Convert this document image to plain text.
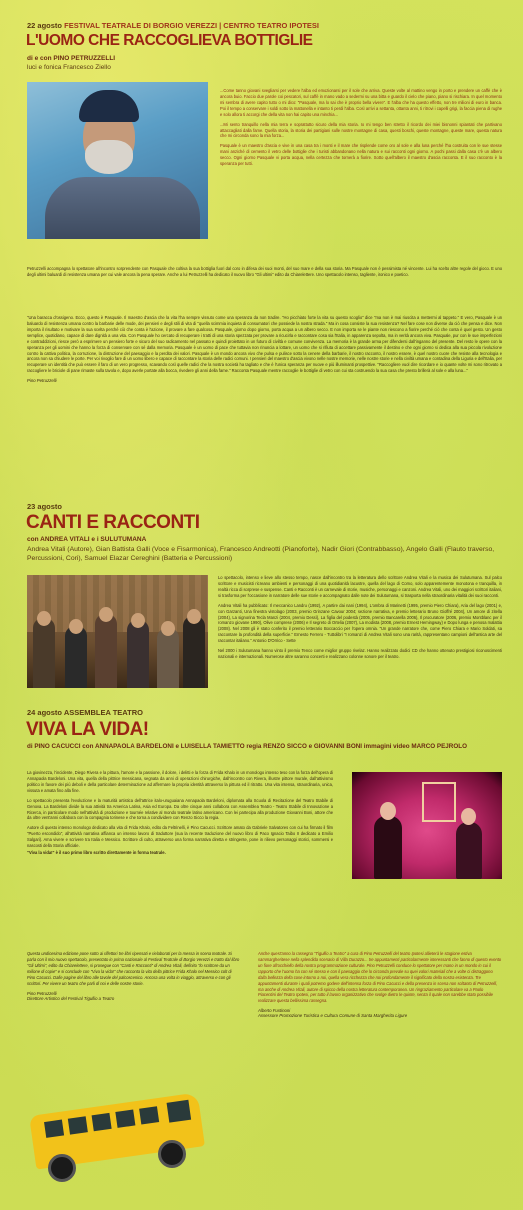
22 agosto FESTIVAL TEATRALE DI BORGIO VEREZZI | CENTRO TEATRO IPOTESI
L'UOMO CHE RACCOGLIEVA BOTTIGLIE
di e con PINO PETRUZZELLI
luci e fonica Francesco Ziello

...Come tanno giovani svegliarsi per vedere l'alba ed emozionarsi per il sole che arriva. Queste volte al mattino vengo in porto e prendere un caffè che è ancora buio. Faccio due parole coi pescatori, sul caffè in mano vado a sedermi su una bitta e guardo il cielo che piano, piano si rischiara. In quel momento mi sembra di avere capito tutto o mi dico: "Pasquale, ma lo sai che è proprio bella vivere". E l'alba che ha questo effetto, non tre milioni di euro in banca. Poi il tempo a conservare i soldi sotto la mattonella e intanto ti perdi l'alba. Così arrivi a settanta, ottanta anni, ti ritrovi i capelli grigi, la faccia piena di rughe e solo allora ti accorgi che della vita non hai capito una minchia...

...Mi sento tranquillo nella mia terra e soprattutto sicuro della mia storia. Io mi tengo ben stretto il ricordo dei miei bisnonni spiantati che partivano attaccagliati dalla fame. Quella storia, la storia dei partigiani sulle nostre montagne di casa, questi boschi, queste montagne, queste mare, questa natura che mi circonda sono la mia forza...

Pasquale è un maestro d'ascia e vive in una casa tra i monti e il mare che risplende come oro al sole e alla luna perché l'ha costruita con le sue stesse mani anziché di cemento il vetro delle bottiglie che i turisti abbandonano nella natura e sui racconti ogni giorno. A pochi passi dalla casa c'è un albero secco. Ogni giorno Pasquale vi porta acqua, nella certezza che tornerà a fiorire. Sotto quell'albero il maestro d'ascia racconta. E il suo racconto è la speranza per tutti.

Petruzzelli accompagna lo spettatore all'incontro sorprendente con Pasquale che coltiva la sua bottiglia fuori dal coro in difesa dei suoi monti, del suo mare e della sua storia. Ma Pasquale non è pessimista né vincente. Lui ha scelto altre regole del gioco. E uno degli ultimi baluardi di resistenza umana per cui vale ancora la pena sperare. Anche a lui Petruzzelli ha dedicato il nuovo libro "Gli ultimi" edito da Chiarelettere. Uno spettacolo intenso, tagliente, ironico e poetico.

"Una baracca d'ossigeno. Ecco, questo è Pasquale. Il maestro d'ascia che la vita l'ha sempre vissuto come una speranza da non tradire. "Ho picchiato forte la vita su questo scoglio" dice "ma non è mai riuscita a mettermi al tappeto." E vero, Pasquale è un baluardo di resistenza umana contro la barbarie delle mode, dei pensieri e degli stili di vita di "quella scimmia inquieta di consumatori che possiede la nostra strada." Ma in cosa consiste la sua resistenza? Nel fare cose non diverse da ciò che pensa e dice. Non importa il risultato e motivare la sua scelta perché ciò che conta è l'azione, il provare a fare qualcosa. Pasquale, giorno dopo giorno, porta acqua a un albero secco. E non importa se le piante non riescono a fiorire perché ciò che conta è quel gesto. Un gesto semplice, quotidiano, capace di dare dignità a una vita. Con Pasquale ho cercato di recuperare i tratti di una storia spezzata per provare a ricucirla e raccontare cosa sia l'Italia, in apparenza sepolta, ma in verità ancora viva. Pasquale, pur con le sue imperfezioni e contraddizioni, riesce però a esprimere un pensiero forte e sicuro del suo radicamento nel passato e quindi proiettato in un futuro di civiltà e comune convivenza. La memoria è la grande arma per difendersi dall'inganno del presente. Del resto le opere con la speranza per gli uomini che hanno la forza di conservare con sé dalla memoria. Pasquale è un uomo di pace che tuttavia non rinuncia a lottare, un uomo che si rifiuta di accettare passivamente il destino e che ogni giorno si dedica alla sua piccola rivoluzione contro la cattiva politica, la corruzione, la distruzione del paesaggio e la perdita dei valori. Pasquale è un mondo ancora vivo che pulsa e pulisce sotto la cenere della barbarie, il nostro racconto, il nostro essere, è quel nostro cuore che resiste alla tecnologia e ancora non sa chiudere le porte. Per voi rivoglio fare di un uomo libero e capace di raccontare la storia delle radici comuni. I pensieri del maestro d'ascia vivono nelle nostre memorie, nelle nostre storie e nella civiltà umana e contadina della Liguria e dell'Italia, per recuperare un identità che può essere il faro di un vero progresso, scavando così quelle radici che la nostra società ha tagliato e che è l'unica speranza per nuove e più illuminanti prospettive. "Raccogliere vuol dire ricordare e io quante volte mi sono ritrovato a raccogliere le briciole di pane rimaste sulla tavola e, dopo averle portate alla bocca, rivedere gli anni della fame." Racconta Pasquale mentre raccoglie le bottiglie di vetro con cui sta costruendo la sua casa che presto brillerà al sole e alla luna..."

Pino Petruzzelli

23 agosto
CANTI E RACCONTI
con ANDREA VITALI e i SULUTUMANA
Andrea Vitali (Autore), Gian Battista Galli (Voce e Fisarmonica), Francesco Andreotti (Pianoforte), Nadir Giori (Contrabbasso), Angelo Galli (Flauto traverso, Percussioni, Cori), Samuel Elazar Cereghini (Batteria e Percussioni)

Lo spettacolo, intenso e lieve allo stesso tempo, nasce dall'incontro tra la letteratura dello scrittore Andrea Vitali e la musica dei Sulutumana. Sul palco scrittore e musicisti ricreano ambienti e personaggi di una quotidianità lacustre, quella del lago di Como, solo apparentemente monotona e tranquilla, in realtà ricca di sorprese e suspense. Canti e Racconti è un carnevale di storie, musiche, personaggi e canzoni. Andrea Vitali, uno dei maggiori scrittori italiani, si trasforma per l'occasione in narratore delle sue storie e accompagnato dalle note dei Sulutumana, si trasporta nella straordinaria vitalità dei suoi racconti.

Andrea Vitali ha pubblicato: Il meccanico Landru (1992), A partire dai nani (1994), L'ombra di Marinetti (1995, premio Piero Chiara), Aria del lago (2001) e, con Garzanti, Una finestra vistolago (2003, premio Grinzane Cavour 2004; sezione narrativa, e premio letterario Bruno Gioffré 2004), Un amore di zitella (2004), La signorina Tecla Manzi (2004, premio Dessì), La figlia del podestà (2005, premio Bancarella 2006), Il procuratore (2006, premio Montblanc per il romanzo giovane 1990), Olive comprese (2006) e Il segreto di Ortelia (2007), La modista (2008, premio Ernest Hemingway) e Dopo lunga e penosa malattia (2008). Nel 2008 gli è stato conferito il premio letterario Boccaccio per l'opera omnia. "Un grande narratore che, come Piero Chiara e Mario Soldati, sa raccontare la profondità della superficie." Ernesto Ferrero - Tuttolibri "I romanzi di Andrea Vitali sono una rarità, rappresentano campioni dell'antica arte del raccontar italiano." Antonio D'Orrico - Sette

Nel 2000 i Sulutumana hanno vinto il premio Tenco come miglior gruppo rivelaz. Hanno realizzato dodici CD che hanno ottenuto prestigiosi riconoscimenti nazionali e internazionali. Numerose altre saranno concerti e realizzano colonne sonore per il teatro.

24 agosto ASSEMBLEA TEATRO
VIVA LA VIDA!
di PINO CACUCCI con ANNAPAOLA BARDELONI e LUISELLA TAMIETTO regia RENZO SICCO e GIOVANNI BONI immagini video MARCO PEJROLO

La giovinezza, l'incidente, Diego Rivera e la pittura, l'amore e la passione, il dolore, i delitti e la forza di Frida Khalo in un monologo intenso teso con la forza dell'opera di Annapaola Bardeloni. Una vita, quella della pittrice messicana, segnata da anni di operazioni chirurgiche, dall'incontro con Rivera, illustre pittore murale, dall'attivismo politico in favore dei più deboli e della particolare determinazione ad affermare la propria identità attraverso la pittura ed il ritratto. Una vita intensa, straordinaria, unica, vissuta e amata fino alla fine.

Lo spettacolo presenta l'evoluzione e la maturità artistica dell'attrice italo-uruguaiana Annapaola Bardeloni, diplomata alla Scuola di Recitazione del Teatro Stabile di Genova. La Bardeloni divide la sua attività tra America Latina, Asia ed Europa. Da oltre cinque anni collabora con Assemblea Teatro - Teatro Stabile di Innovazione a Ricerca, in particolare modo nell'attività di produzione e tournée relative al mondo teatrale latino americano. Con lei partecipa alla produzione Giovanni Boni, attore che da oltre vent'anni collabora con la compagnia torinese e che torna a condividere con Renzo Sicco la regia.

Autore di questo intenso monologo dedicato alla vita di Frida Khalo, edito da Feltrinelli, è Pino Cacucci. Scrittore amato da Gabriele Salvatores con cui ha firmato il film "Puerto escondido", all'attività narrativa affianca un intenso lavoro di traduttore (sua la recente traduzione del nuovo libro di Paco Ignacio Taibo II dedicato a Emilio Salgari). Ama vivere e scrivere tra Italia e Messico. Scrittore di culto, attraverso una forma narrativa diretta e stringente, pone in rilievo personaggi storici, sommersi e nascosti della Storia ufficiale.

"Viva la vida!" è il suo primo libro scritto direttamente in forma teatrale.

Questa undicesima edizione pone sotto ai riflettori tre libri ripensati e rielaborati per la messa in scena teatrale. Si parla con il mio nuovo spettacolo, presentato in prima nazionale al Festival Teatrale di Borgio Verezzi e tratto dal libro "Gli Ultimi", edito da Chiarelettere, si prosegue con "Canti e Racconti" di Andrea Vitali, definito "lo scrittore da un milione di copie" e si conclude con "Viva la vida!" che racconta la vita della pittrice Frida Khalo nel Messico colt di Pino Cacucci. Dalle pagine del libro alle tavole del palcoscenico. Ancora una volta in viaggio, attraverso e con gli scrittori. Per vivere un teatro che parli di noi e delle nostre storie.

Pino Petruzzelli

Direttore Artistico del Festival Tigullio a Teatro

Anche quest'anno la rassegna "Tigullio a Teatro" a cura di Pino Petruzzelli del teatro Ipotesi allieterà le stagione estiva sammargheritese nella splendida scenario di Villa Durazzo... tre appuntamenti particolarmente interessanti che fanno di questo evento un fiore all'occhiello della nostra programmazione culturale. Pino Petruzzelli conduce lo spettatore per mano in un mondo in cui il rapporto che l'uomo ha con sé stesso e con il paesaggio che lo circonda prevale su quei valori materiali che a volte ci distraggono dalla bellezza della cose intorno a noi, quella vera ricchezza che noi profondamente il significato della nostra esistenza. Tre appuntamenti durante i quali potremo godere dell'intensa forza di Pino Cacucci e della presenza in scena non soltanto di Petruzzelli, ma anche di Andrea Vitali, autore di spicco della nostra letteratura contemporanea. Un ringraziamento particolare va a Paolo Piacentini del Teatro Ipotesi, per tutto il lavoro organizzativo che svolge dietro le quinte, senza il quale non sarebbe stato possibile realizzare questa bellissima rassegna.

Alberto Fustinoni

Assessore Promozione Turistica e Cultura Comune di Santa Margherita Ligure
